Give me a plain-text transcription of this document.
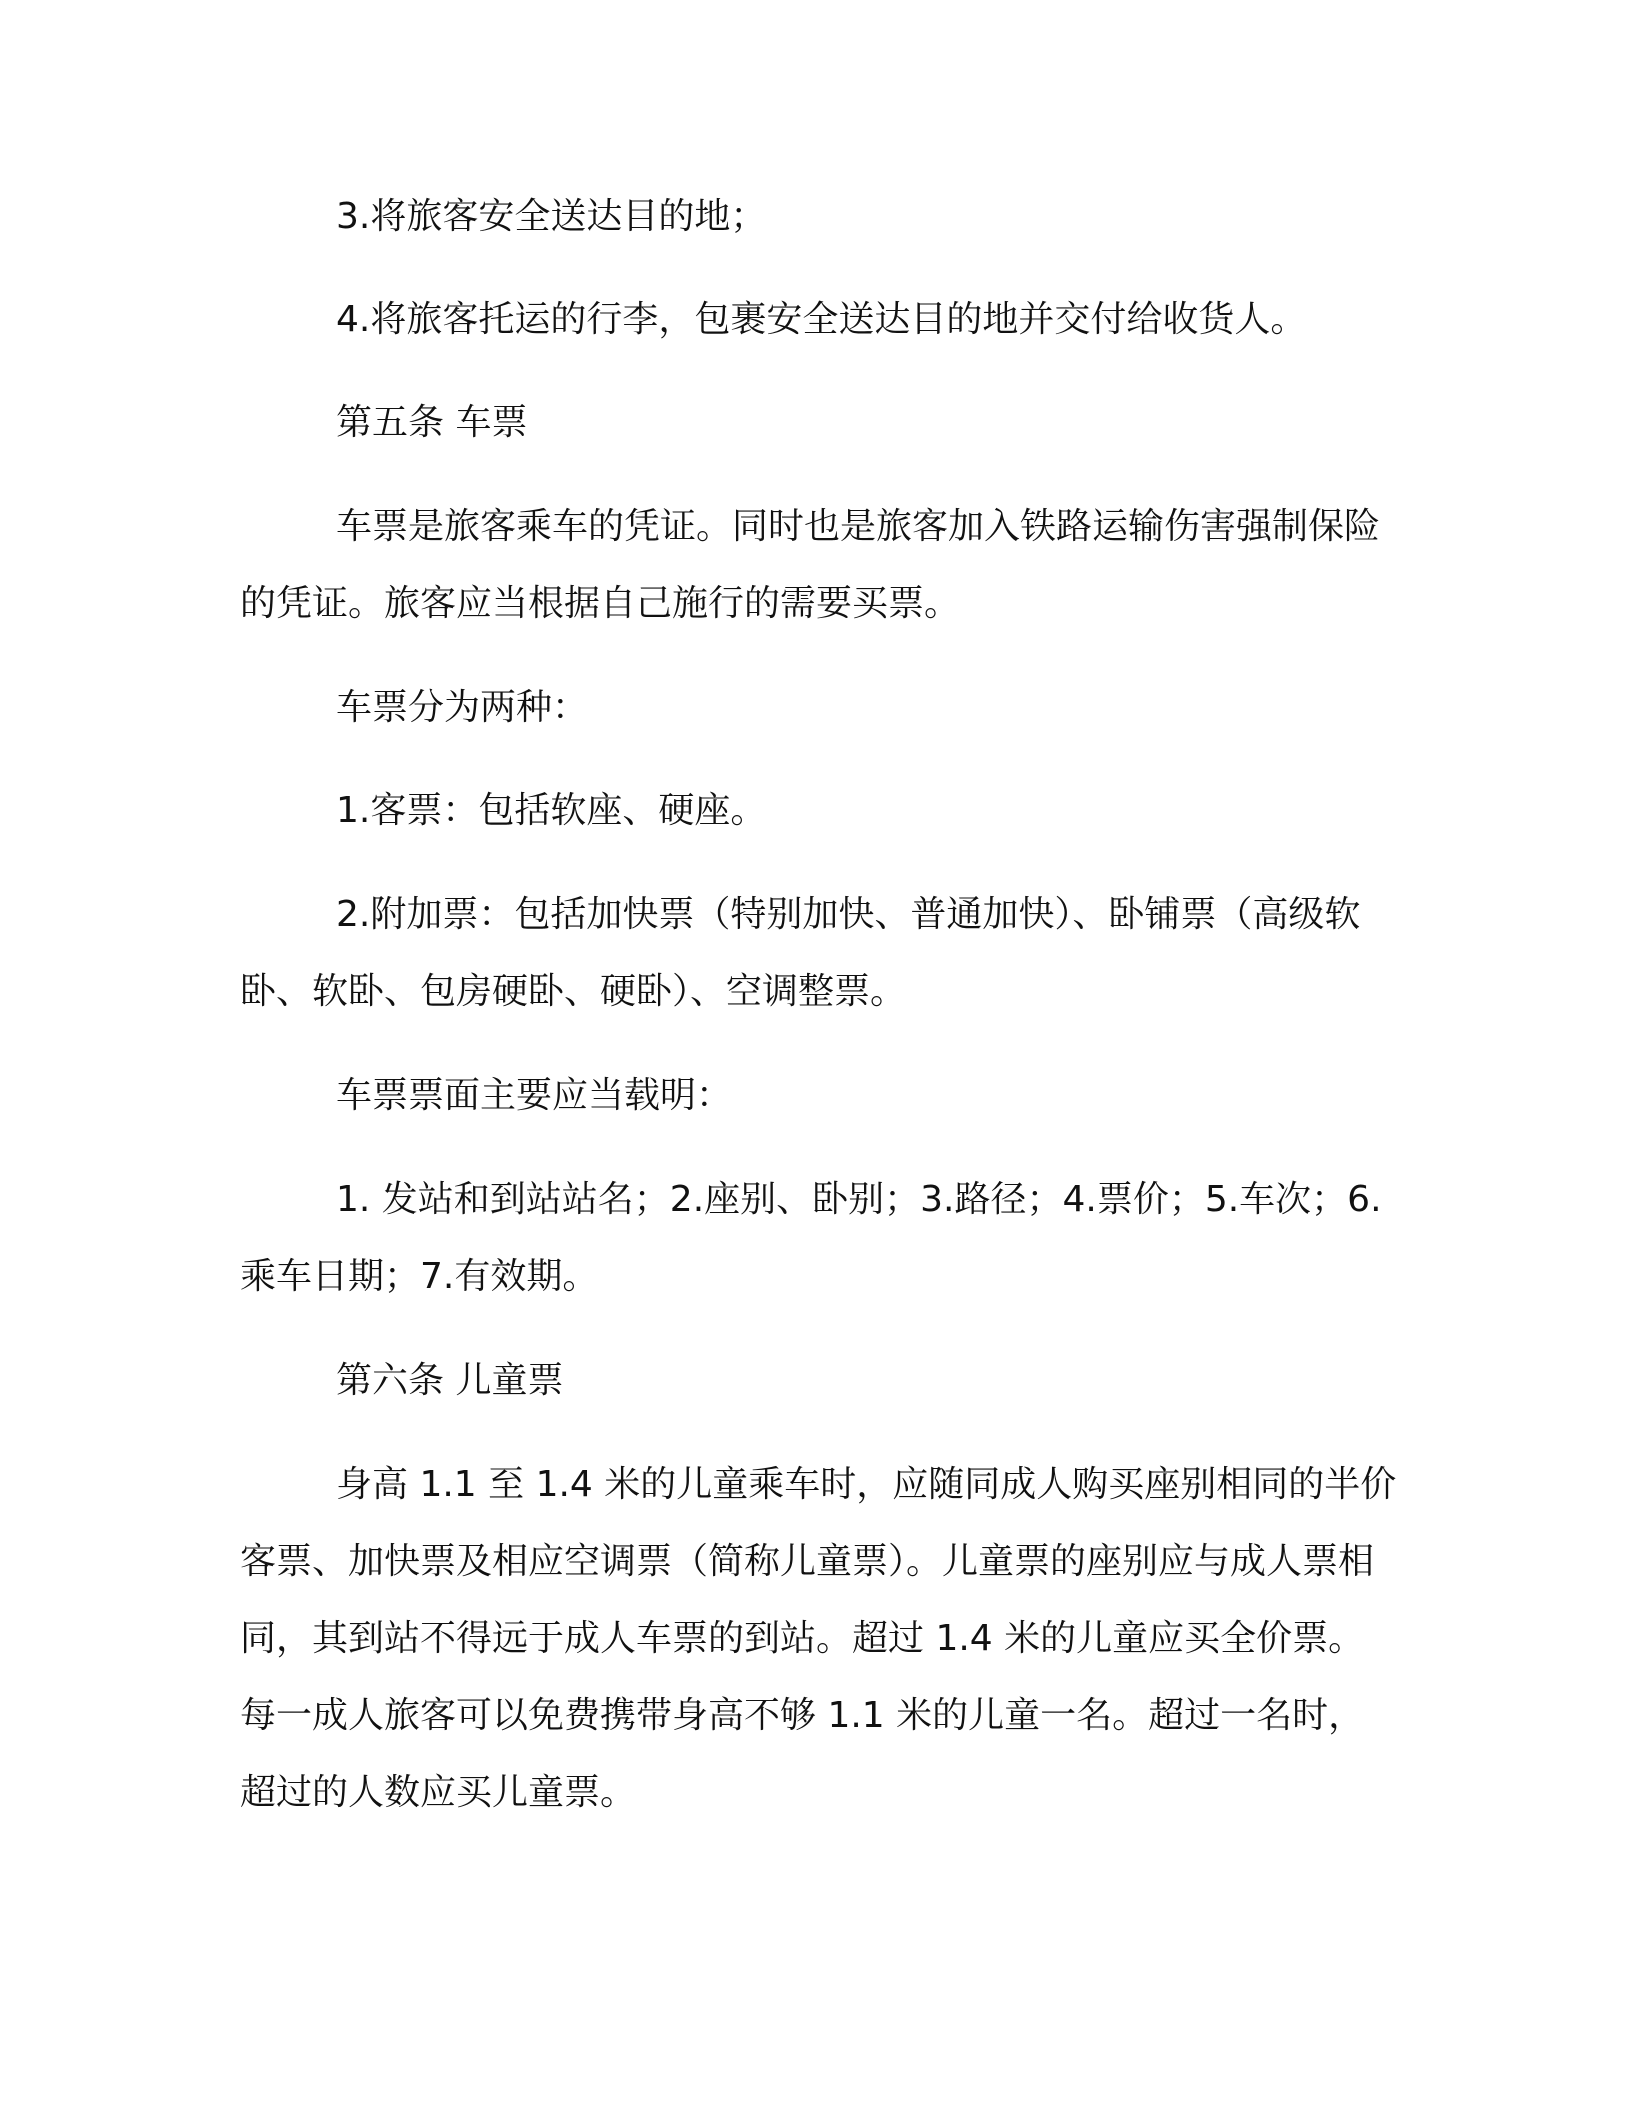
3.将旅客安全送达目的地；
4.将旅客托运的行李，包裹安全送达目的地并交付给收货人。
第五条 车票
车票是旅客乘车的凭证。同时也是旅客加入铁路运输伤害强制保险的凭证。旅客应当根据自己施行的需要买票。
车票分为两种：
1.客票：包括软座、硬座。
2.附加票：包括加快票（特别加快、普通加快）、卧铺票（高级软卧、软卧、包房硬卧、硬卧）、空调整票。
车票票面主要应当载明：
1. 发站和到站站名；2.座别、卧别；3.路径；4.票价；5.车次；6.乘车日期；7.有效期。
第六条 儿童票
身高 1.1 至 1.4 米的儿童乘车时，应随同成人购买座别相同的半价客票、加快票及相应空调票（简称儿童票）。儿童票的座别应与成人票相同，其到站不得远于成人车票的到站。超过 1.4 米的儿童应买全价票。每一成人旅客可以免费携带身高不够 1.1 米的儿童一名。超过一名时，超过的人数应买儿童票。
